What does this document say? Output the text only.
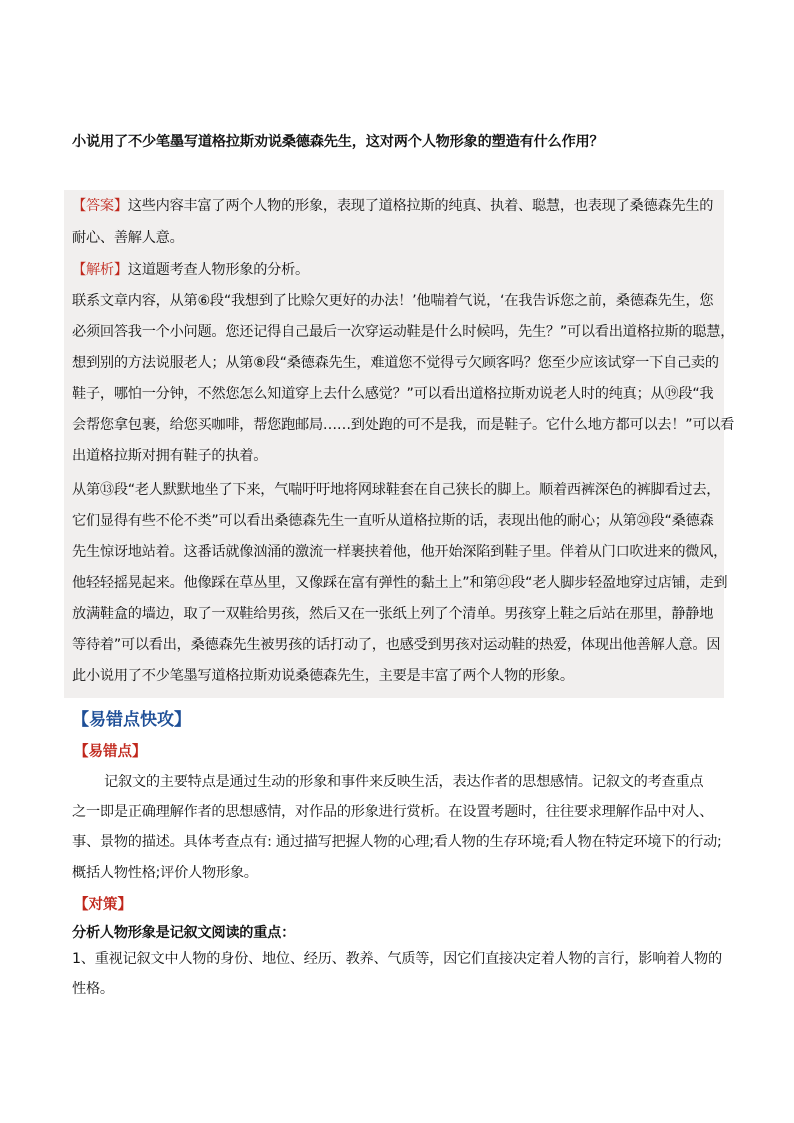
小说用了不少笔墨写道格拉斯劝说桑德森先生，这对两个人物形象的塑造有什么作用？
【答案】这些内容丰富了两个人物的形象，表现了道格拉斯的纯真、执着、聪慧，也表现了桑德森先生的
耐心、善解人意。
【解析】这道题考查人物形象的分析。
联系文章内容，从第⑥段“我想到了比赊欠更好的办法！’他喘着气说，‘在我告诉您之前，桑德森先生，您
必须回答我一个小问题。您还记得自己最后一次穿运动鞋是什么时候吗，先生？”可以看出道格拉斯的聪慧，
想到别的方法说服老人；从第⑧段“桑德森先生，难道您不觉得亏欠顾客吗？您至少应该试穿一下自己卖的
鞋子，哪怕一分钟，不然您怎么知道穿上去什么感觉？”可以看出道格拉斯劝说老人时的纯真；从⑲段“我
会帮您拿包裹，给您买咖啡，帮您跑邮局……到处跑的可不是我，而是鞋子。它什么地方都可以去！”可以看
出道格拉斯对拥有鞋子的执着。
从第⑬段“老人默默地坐了下来，气喘吁吁地将网球鞋套在自己狭长的脚上。顺着西裤深色的裤脚看过去，
它们显得有些不伦不类”可以看出桑德森先生一直听从道格拉斯的话，表现出他的耐心；从第⑳段“桑德森
先生惊讶地站着。这番话就像汹涌的激流一样裹挟着他，他开始深陷到鞋子里。伴着从门口吹进来的微风，
他轻轻摇晃起来。他像踩在草丛里，又像踩在富有弹性的黏土上”和第㉑段“老人脚步轻盈地穿过店铺，走到
放满鞋盒的墙边，取了一双鞋给男孩，然后又在一张纸上列了个清单。男孩穿上鞋之后站在那里，静静地
等待着”可以看出，桑德森先生被男孩的话打动了，也感受到男孩对运动鞋的热爱，体现出他善解人意。因
此小说用了不少笔墨写道格拉斯劝说桑德森先生，主要是丰富了两个人物的形象。
【易错点快攻】
【易错点】
记叙文的主要特点是通过生动的形象和事件来反映生活，表达作者的思想感情。记叙文的考查重点
之一即是正确理解作者的思想感情，对作品的形象进行赏析。在设置考题时，往往要求理解作品中对人、
事、景物的描述。具体考查点有: 通过描写把握人物的心理;看人物的生存环境;看人物在特定环境下的行动;
概括人物性格;评价人物形象。
【对策】
分析人物形象是记叙文阅读的重点：
1、重视记叙文中人物的身份、地位、经历、教养、气质等，因它们直接决定着人物的言行，影响着人物的
性格。
